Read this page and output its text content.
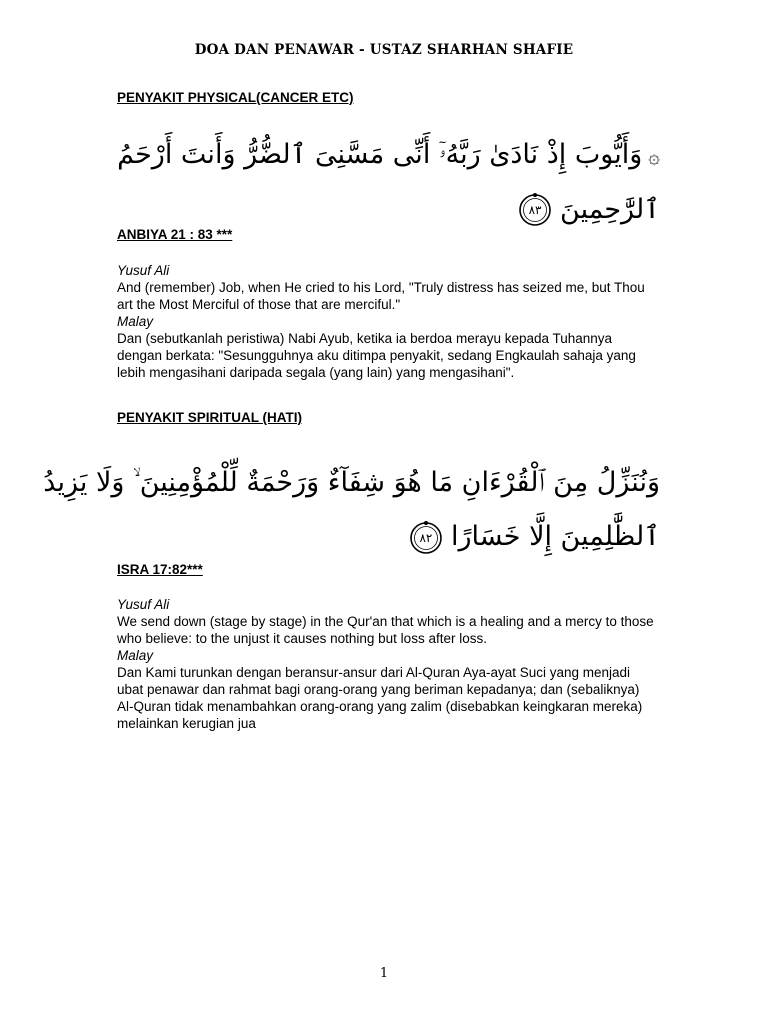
DOA DAN PENAWAR - USTAZ SHARHAN SHAFIE
PENYAKIT PHYSICAL(CANCER ETC)
۞وَأَيُّوبَ إِذْ نَادَىٰ رَبَّهُۥٓ أَنِّى مَسَّنِىَ ٱلضُّرُّ وَأَنتَ أَرْحَمُ
ٱلرَّٰحِمِينَ
٨٣
ANBIYA 21 : 83 ***
Yusuf Ali
And (remember) Job, when He cried to his Lord, "Truly distress has seized me, but Thou art the Most Merciful of those that are merciful."
Malay
Dan (sebutkanlah peristiwa) Nabi Ayub, ketika ia berdoa merayu kepada Tuhannya dengan berkata: "Sesungguhnya aku ditimpa penyakit, sedang Engkaulah sahaja yang lebih mengasihani daripada segala (yang lain) yang mengasihani".
PENYAKIT SPIRITUAL (HATI)
وَنُنَزِّلُ مِنَ ٱلْقُرْءَانِ مَا هُوَ شِفَآءٌ وَرَحْمَةٌ لِّلْمُؤْمِنِينَ ۙ وَلَا يَزِيدُ
ٱلظَّٰلِمِينَ إِلَّا خَسَارًا
٨٢
ISRA 17:82***
Yusuf Ali
We send down (stage by stage) in the Qur'an that which is a healing and a mercy to those who believe: to the unjust it causes nothing but loss after loss.
Malay
Dan Kami turunkan dengan beransur-ansur dari Al-Quran Aya-ayat Suci yang menjadi ubat penawar dan rahmat bagi orang-orang yang beriman kepadanya; dan (sebaliknya) Al-Quran tidak menambahkan orang-orang yang zalim (disebabkan keingkaran mereka) melainkan kerugian jua
1
